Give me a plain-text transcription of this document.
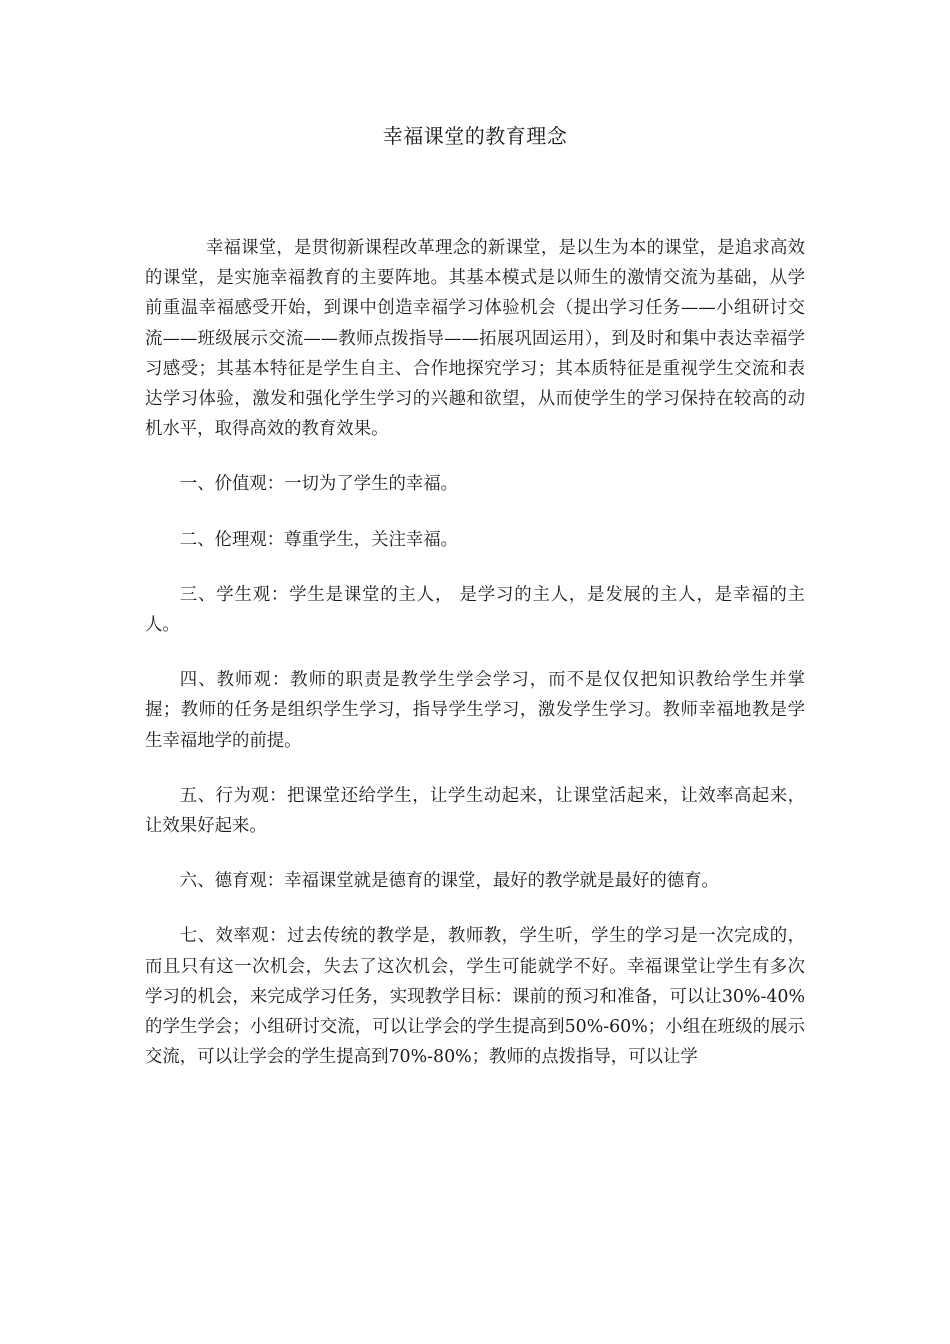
幸福课堂的教育理念

幸福课堂，是贯彻新课程改革理念的新课堂，是以生为本的课堂，是追求高效的课堂，是实施幸福教育的主要阵地。其基本模式是以师生的激情交流为基础，从学前重温幸福感受开始，到课中创造幸福学习体验机会（提出学习任务——小组研讨交流——班级展示交流——教师点拨指导——拓展巩固运用），到及时和集中表达幸福学习感受；其基本特征是学生自主、合作地探究学习；其本质特征是重视学生交流和表达学习体验，激发和强化学生学习的兴趣和欲望，从而使学生的学习保持在较高的动机水平，取得高效的教育效果。

一、价值观：一切为了学生的幸福。

二、伦理观：尊重学生，关注幸福。

三、学生观：学生是课堂的主人， 是学习的主人，是发展的主人，是幸福的主人。

四、教师观：教师的职责是教学生学会学习，而不是仅仅把知识教给学生并掌握；教师的任务是组织学生学习，指导学生学习，激发学生学习。教师幸福地教是学生幸福地学的前提。

五、行为观：把课堂还给学生，让学生动起来，让课堂活起来，让效率高起来，让效果好起来。

六、德育观：幸福课堂就是德育的课堂，最好的教学就是最好的德育。

七、效率观：过去传统的教学是，教师教，学生听，学生的学习是一次完成的，而且只有这一次机会，失去了这次机会，学生可能就学不好。幸福课堂让学生有多次学习的机会，来完成学习任务，实现教学目标：课前的预习和准备，可以让30%-40%的学生学会；小组研讨交流，可以让学会的学生提高到50%-60%；小组在班级的展示交流，可以让学会的学生提高到70%-80%；教师的点拨指导，可以让学
